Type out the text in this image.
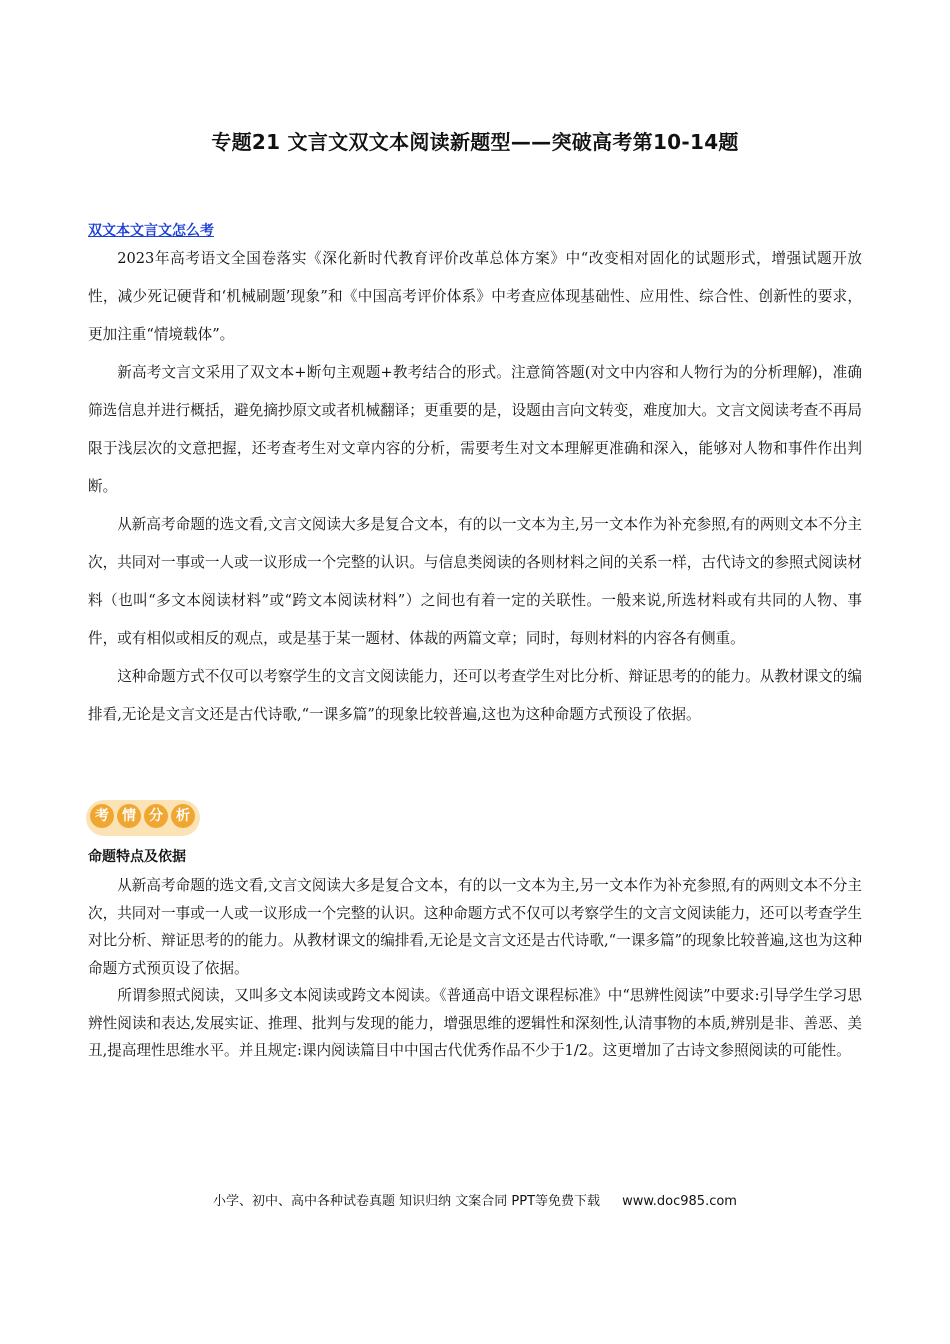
专题21 文言文双文本阅读新题型——突破高考第10-14题
双文本文言文怎么考

2023年高考语文全国卷落实《深化新时代教育评价改革总体方案》中“改变相对固化的试题形式，增强试题开放性，减少死记硬背和‘机械刷题’现象”和《中国高考评价体系》中考查应体现基础性、应用性、综合性、创新性的要求，更加注重“情境载体”。

新高考文言文采用了双文本+断句主观题+教考结合的形式。注意简答题(对文中内容和人物行为的分析理解)，准确筛选信息并进行概括，避免摘抄原文或者机械翻译；更重要的是，设题由言向文转变，难度加大。文言文阅读考查不再局限于浅层次的文意把握，还考查考生对文章内容的分析，需要考生对文本理解更准确和深入，能够对人物和事件作出判断。

从新高考命题的选文看,文言文阅读大多是复合文本，有的以一文本为主,另一文本作为补充参照,有的两则文本不分主次，共同对一事或一人或一议形成一个完整的认识。与信息类阅读的各则材料之间的关系一样，古代诗文的参照式阅读材料（也叫“多文本阅读材料”或“跨文本阅读材料”）之间也有着一定的关联性。一般来说,所选材料或有共同的人物、事件，或有相似或相反的观点，或是基于某一题材、体裁的两篇文章；同时，每则材料的内容各有侧重。

这种命题方式不仅可以考察学生的文言文阅读能力，还可以考查学生对比分析、辩证思考的的能力。从教材课文的编排看,无论是文言文还是古代诗歌,“一课多篇”的现象比较普遍,这也为这种命题方式预设了依据。

考 情 分 析
命题特点及依据

从新高考命题的选文看,文言文阅读大多是复合文本，有的以一文本为主,另一文本作为补充参照,有的两则文本不分主次，共同对一事或一人或一议形成一个完整的认识。这种命题方式不仅可以考察学生的文言文阅读能力，还可以考查学生对比分析、辩证思考的的能力。从教材课文的编排看,无论是文言文还是古代诗歌,“一课多篇”的现象比较普遍,这也为这种命题方式预页设了依据。

所谓参照式阅读，又叫多文本阅读或跨文本阅读。《普通高中语文课程标准》中“思辨性阅读”中要求:引导学生学习思辨性阅读和表达,发展实证、推理、批判与发现的能力，增强思维的逻辑性和深刻性,认清事物的本质,辨别是非、善恶、美丑,提高理性思维水平。并且规定:课内阅读篇目中中国古代优秀作品不少于1/2。这更增加了古诗文参照阅读的可能性。

小学、初中、高中各种试卷真题 知识归纳 文案合同 PPT等免费下载 www.doc985.com
